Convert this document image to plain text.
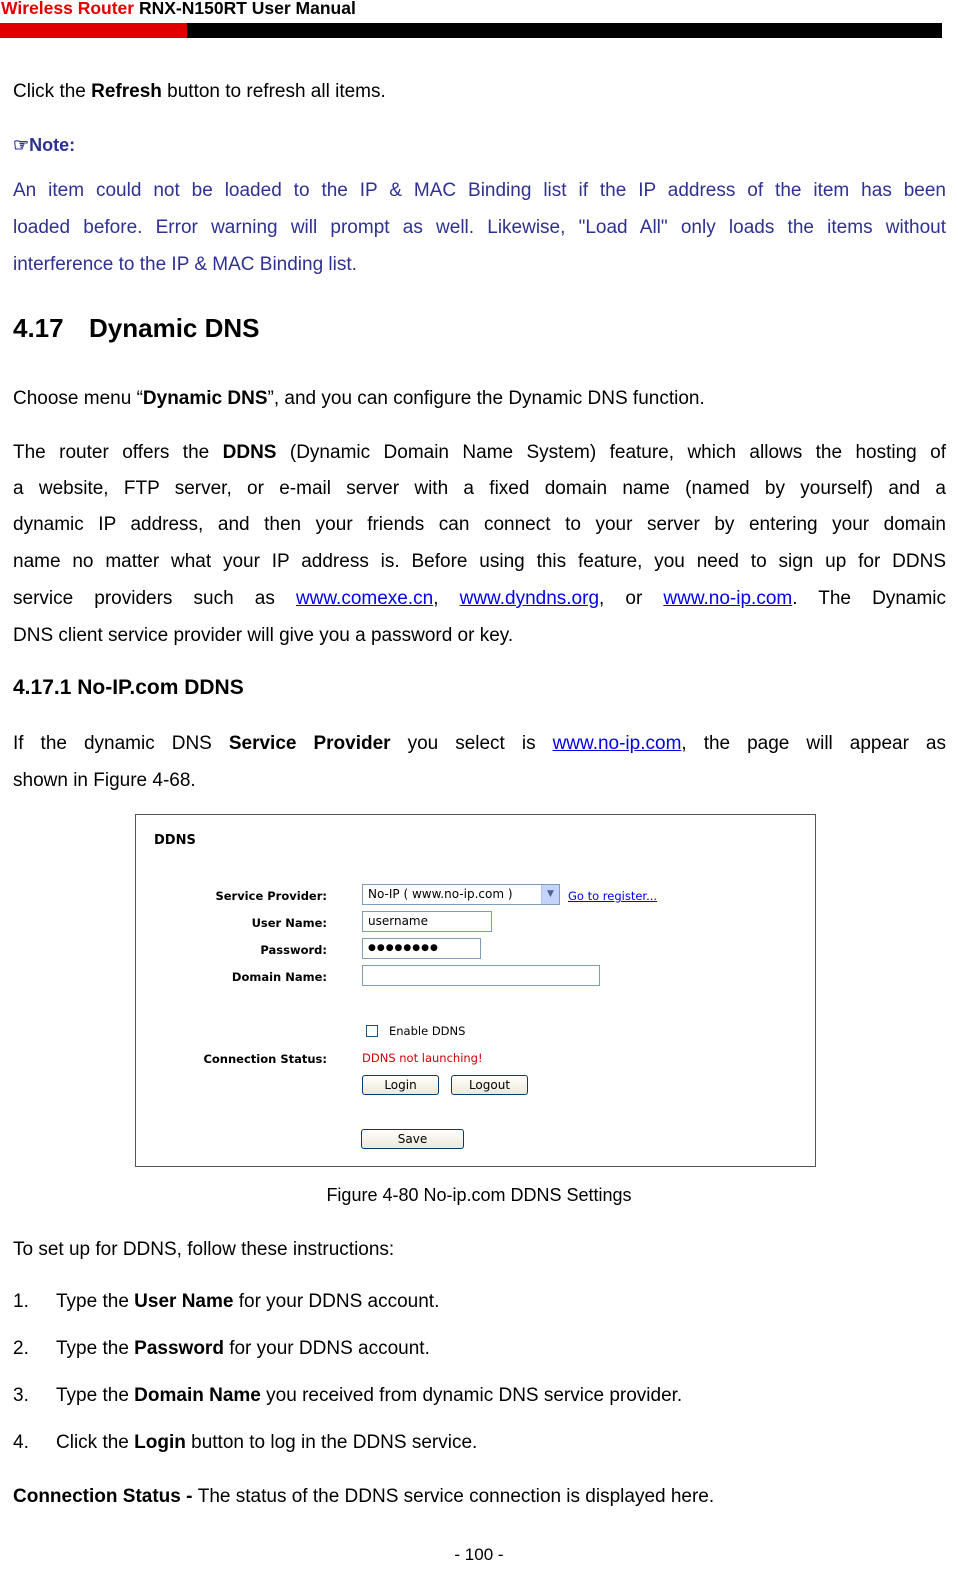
Wireless Router RNX-N150RT User Manual

Click the Refresh button to refresh all items.

☞Note:

An item could not be loaded to the IP & MAC Binding list if the IP address of the item has been

loaded before. Error warning will prompt as well. Likewise, "Load All" only loads the items without

interference to the IP & MAC Binding list.

4.17 Dynamic DNS

Choose menu “Dynamic DNS”, and you can configure the Dynamic DNS function.

The router offers the DDNS (Dynamic Domain Name System) feature, which allows the hosting of

a website, FTP server, or e-mail server with a fixed domain name (named by yourself) and a

dynamic IP address, and then your friends can connect to your server by entering your domain

name no matter what your IP address is. Before using this feature, you need to sign up for DDNS

service providers such as www.comexe.cn, www.dyndns.org, or www.no-ip.com. The Dynamic

DNS client service provider will give you a password or key.

4.17.1 No-IP.com DDNS

If the dynamic DNS Service Provider you select is www.no-ip.com, the page will appear as

shown in Figure 4-68.

DDNS
Service Provider:	No-IP ( www.no-ip.com )	▼	Go to register...
User Name:	username
Password:	●●●●●●●●
Domain Name:
Enable DDNS
Connection Status:	DDNS not launching!
Login	Logout
Save
Figure 4-80 No-ip.com DDNS Settings

To set up for DDNS, follow these instructions:

1. Type the User Name for your DDNS account.
2. Type the Password for your DDNS account.
3. Type the Domain Name you received from dynamic DNS service provider.
4. Click the Login button to log in the DDNS service.

Connection Status - The status of the DDNS service connection is displayed here.

- 100 -
